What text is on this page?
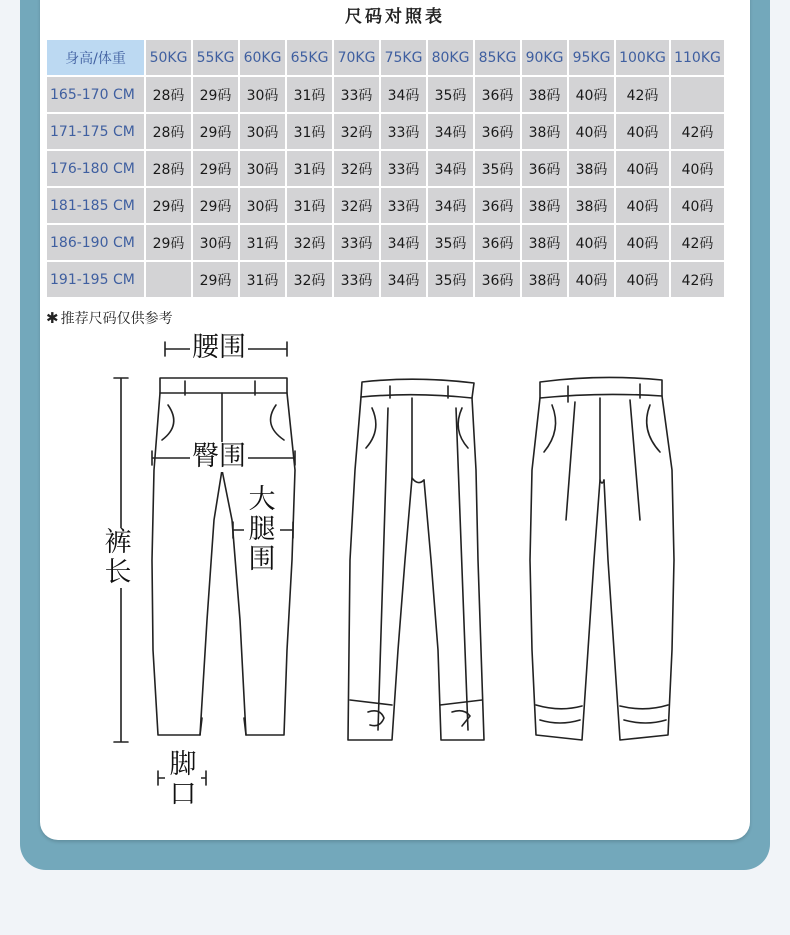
尺码对照表
身高/体重	50KG	55KG	60KG	65KG	70KG	75KG	80KG	85KG	90KG	95KG	100KG	110KG
165-170 CM	28码	29码	30码	31码	33码	34码	35码	36码	38码	40码	42码	
171-175 CM	28码	29码	30码	31码	32码	33码	34码	36码	38码	40码	40码	42码
176-180 CM	28码	29码	30码	31码	32码	33码	34码	35码	36码	38码	40码	40码
181-185 CM	29码	29码	30码	31码	32码	33码	34码	36码	38码	38码	40码	40码
186-190 CM	29码	30码	31码	32码	33码	34码	35码	36码	38码	40码	40码	42码
191-195 CM		29码	31码	32码	33码	34码	35码	36码	38码	40码	40码	42码
✱ 推荐尺码仅供参考
腰围
臀围
大腿围
裤长
脚口
